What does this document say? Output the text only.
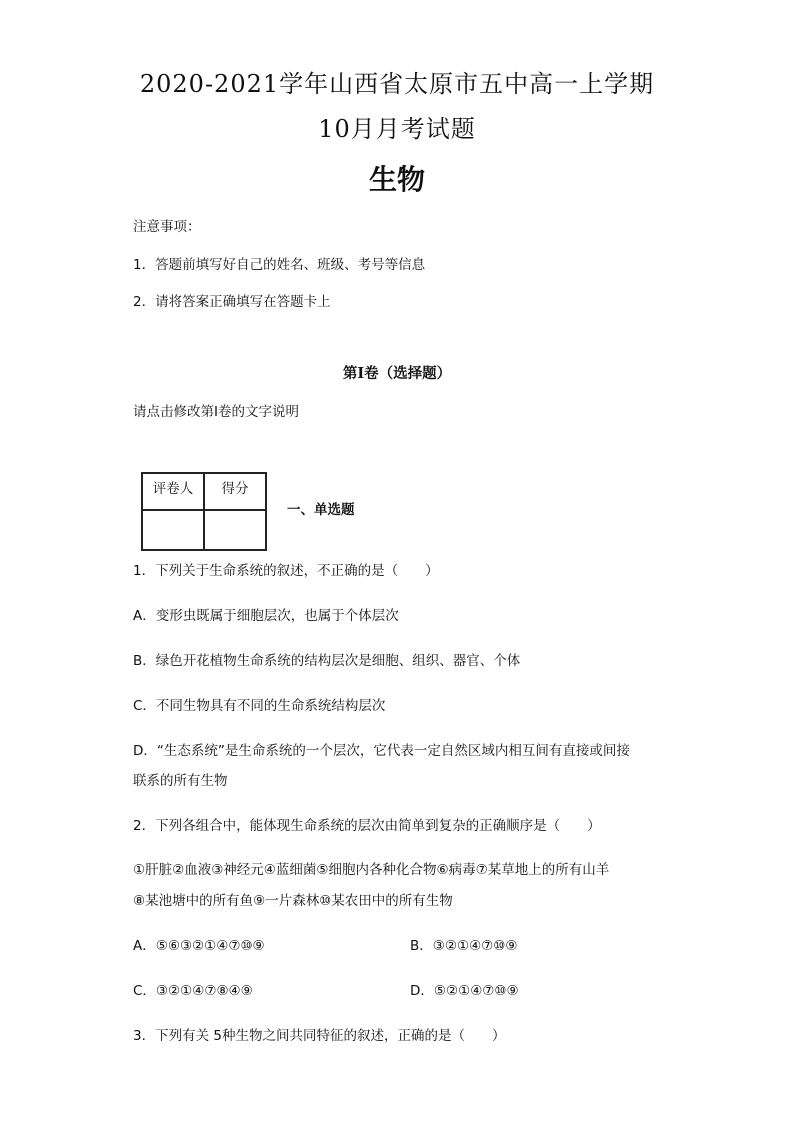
2020-2021学年山西省太原市五中高一上学期
10月月考试题
生物
注意事项：
1．答题前填写好自己的姓名、班级、考号等信息
2．请将答案正确填写在答题卡上
第I卷（选择题）
请点击修改第I卷的文字说明
评卷人	得分

一、单选题
1．下列关于生命系统的叙述，不正确的是（　　）
A．变形虫既属于细胞层次，也属于个体层次
B．绿色开花植物生命系统的结构层次是细胞、组织、器官、个体
C．不同生物具有不同的生命系统结构层次
D．“生态系统”是生命系统的一个层次，它代表一定自然区域内相互间有直接或间接
联系的所有生物
2．下列各组合中，能体现生命系统的层次由简单到复杂的正确顺序是（　　）
①肝脏②血液③神经元④蓝细菌⑤细胞内各种化合物⑥病毒⑦某草地上的所有山羊
⑧某池塘中的所有鱼⑨一片森林⑩某农田中的所有生物
A．⑤⑥③②①④⑦⑩⑨	B．③②①④⑦⑩⑨
C．③②①④⑦⑧④⑨	D．⑤②①④⑦⑩⑨
3．下列有关 5种生物之间共同特征的叙述，正确的是（　　）
